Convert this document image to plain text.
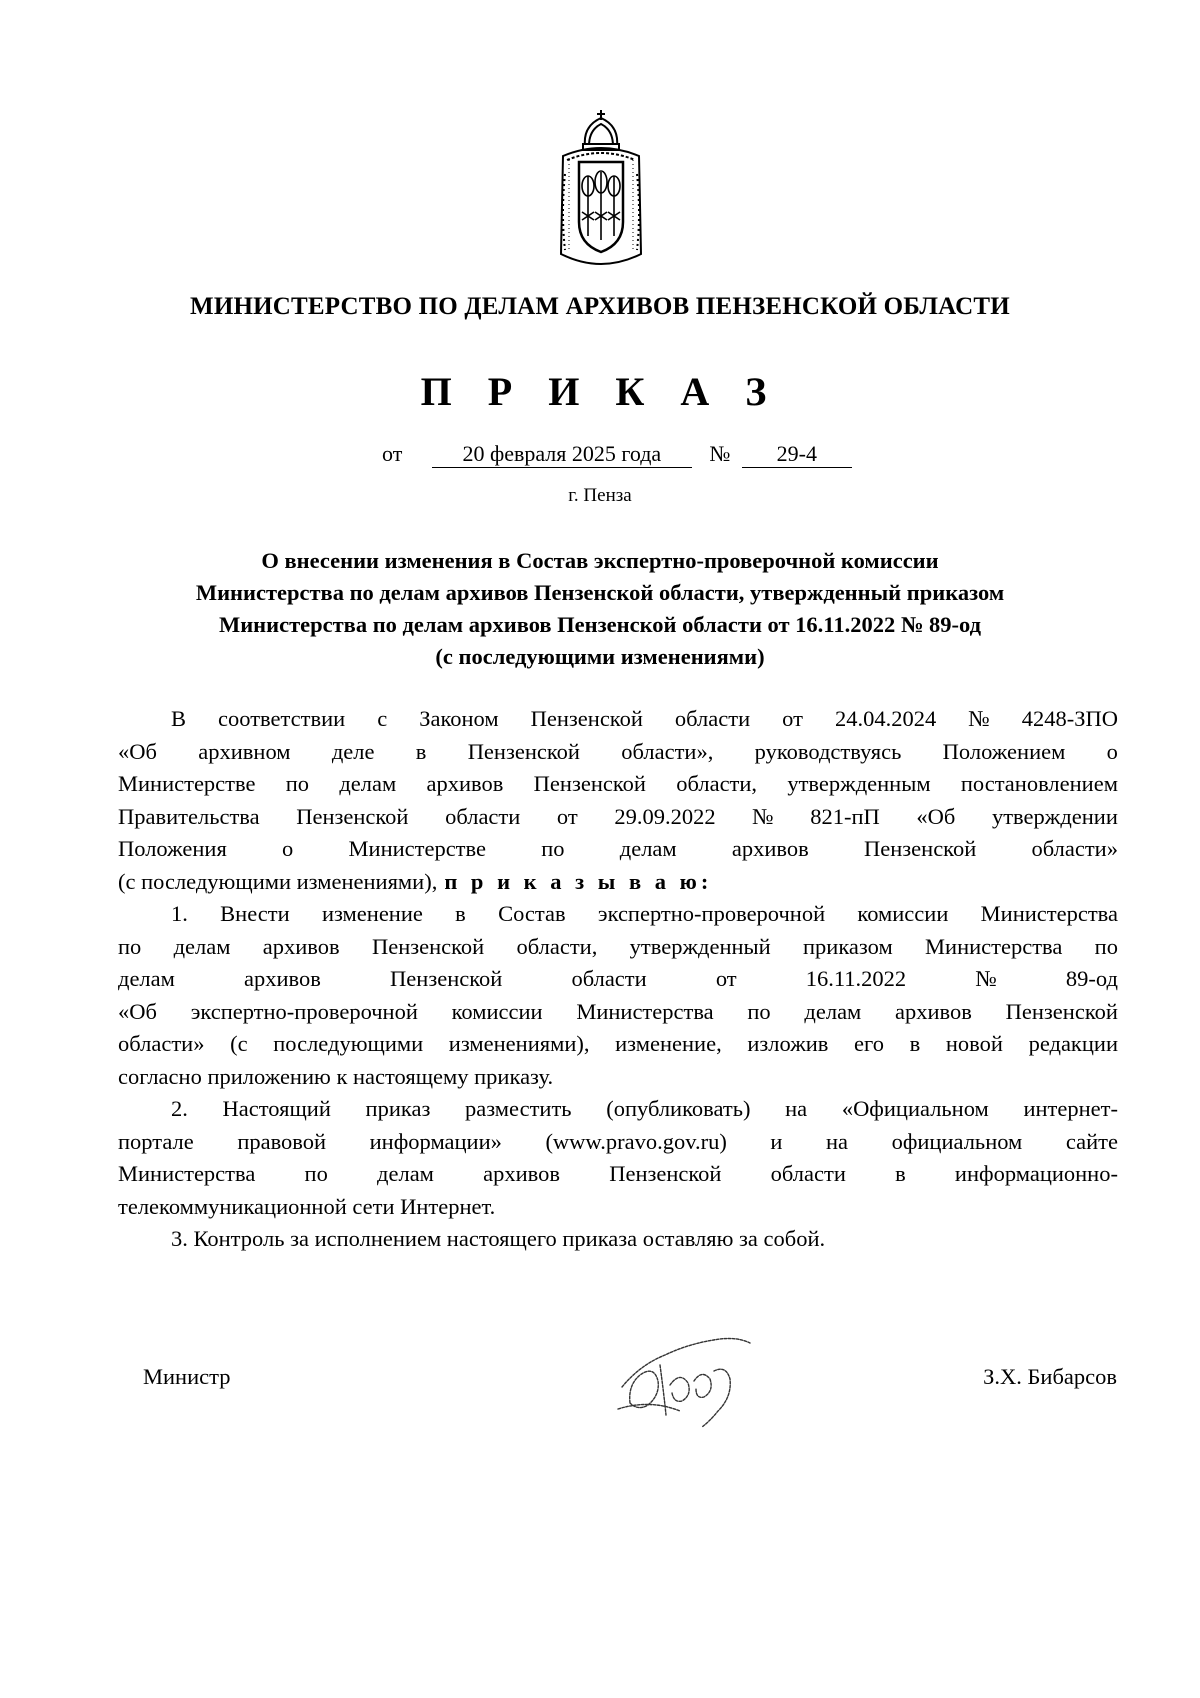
МИНИСТЕРСТВО ПО ДЕЛАМ АРХИВОВ ПЕНЗЕНСКОЙ ОБЛАСТИ
П Р И К А З
от	20 февраля 2025 года № 29-4
г. Пенза
О внесении изменения в Состав экспертно-проверочной комиссии
Министерства по делам архивов Пензенской области, утвержденный приказом
Министерства по делам архивов Пензенской области от 16.11.2022 № 89-од
(с последующими изменениями)
В соответствии с Законом Пензенской области от 24.04.2024 № 4248-ЗПО
«Об архивном деле в Пензенской области», руководствуясь Положением о
Министерстве по делам архивов Пензенской области, утвержденным постановлением
Правительства Пензенской области от 29.09.2022 № 821-пП «Об утверждении
Положения о Министерстве по делам архивов Пензенской области»
(с последующими изменениями), п р и к а з ы в а ю:
1. Внести изменение в Состав экспертно-проверочной комиссии Министерства
по делам архивов Пензенской области, утвержденный приказом Министерства по
делам	архивов	Пензенской	области	от	16.11.2022	№	89-од
«Об экспертно-проверочной комиссии Министерства по делам архивов Пензенской
области» (с последующими изменениями), изменение, изложив его в новой редакции
согласно приложению к настоящему приказу.
2. Настоящий приказ разместить (опубликовать) на «Официальном интернет-
портале правовой информации» (www.pravo.gov.ru) и на официальном сайте
Министерства по делам архивов Пензенской области в информационно-
телекоммуникационной сети Интернет.
3. Контроль за исполнением настоящего приказа оставляю за собой.
Министр	З.Х. Бибарсов
